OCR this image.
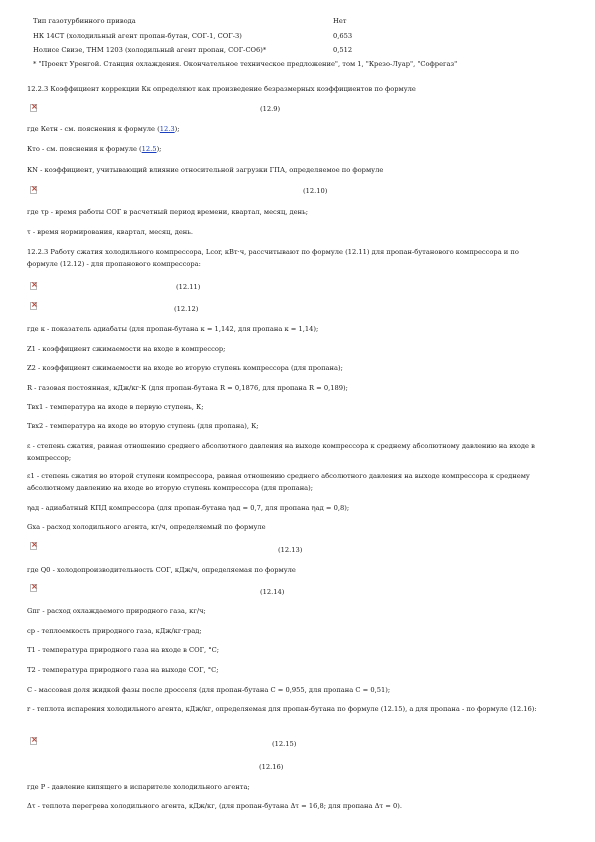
Тип газотурбинного привода	Нет
НК 14СТ (холодильный агент пропан-бутан, СОГ-1, СОГ-3)	0,653
Нолисе Свизе, ТНМ 1203 (холодильный агент пропан, СОГ-СО6)*	0,512
* "Проект Уренгой. Станция охлаждения. Окончательное техническое предложение", том 1, "Крезо-Луар", "Софрегаз"
12.2.3 Коэффициент коррекции Кк определяют как произведение безразмерных коэффициентов по формуле
×
(12.9)
где Кетн - см. пояснения к формуле (12.3);
Кто - см. пояснения к формуле (12.5);
КN - коэффициент, учитывающий влияние относительной загрузки ГПА, определяемое по формуле
×
(12.10)
где τр - время работы СОГ в расчетный период времени, квартал, месяц, день;
τ - время нормирования, квартал, месяц, день.
12.2.3 Работу сжатия холодильного компрессора, Lcor, кВт·ч, рассчитывают по формуле (12.11) для пропан-бутанового компрессора и по формуле (12.12) - для пропанового компрессора:
×
(12.11)
×
(12.12)
где к - показатель адиабаты (для пропан-бутана к = 1,142, для пропана к = 1,14);
Z1 - коэффициент сжимаемости на входе в компрессор;
Z2 - коэффициент сжимаемости на входе во вторую ступень компрессора (для пропана);
R - газовая постоянная, кДж/кг·К (для пропан-бутана R = 0,1876, для пропана R = 0,189);
Твх1 - температура на входе в первую ступень, К;
Твх2 - температура на входе во вторую ступень (для пропана), К;
ε - степень сжатия, равная отношению среднего абсолютного давления на выходе компрессора к среднему абсолютному давлению на входе в компрессор;
ε1 - степень сжатия во второй ступени компрессора, равная отношению среднего абсолютного давления на выходе компрессора к среднему абсолютному давлению на входе во вторую ступень компрессора (для пропана);
ηад - адиабатный КПД компрессора (для пропан-бутана ηад = 0,7, для пропана ηад = 0,8);
Gха - расход холодильного агента, кг/ч, определяемый по формуле
×
(12.13)
где Q0 - холодопроизводительность СОГ, кДж/ч, определяемая по формуле
×
(12.14)
Gпг - расход охлаждаемого природного газа, кг/ч;
ср - теплоемкость природного газа, кДж/кг·град;
Т1 - температура природного газа на входе в СОГ, °С;
Т2 - температура природного газа на выходе СОГ, °С;
С - массовая доля жидкой фазы после дросселя (для пропан-бутана С = 0,955, для пропана С = 0,51);
r - теплота испарения холодильного агента, кДж/кг, определяемая для пропан-бутана по формуле (12.15), а для пропана - по формуле (12.16):
×
(12.15)
(12.16)
где Р - давление кипящего в испарителе холодильного агента;
Δτ - теплота перегрева холодильного агента, кДж/кг, (для пропан-бутана Δτ = 16,8; для пропана Δτ = 0).
